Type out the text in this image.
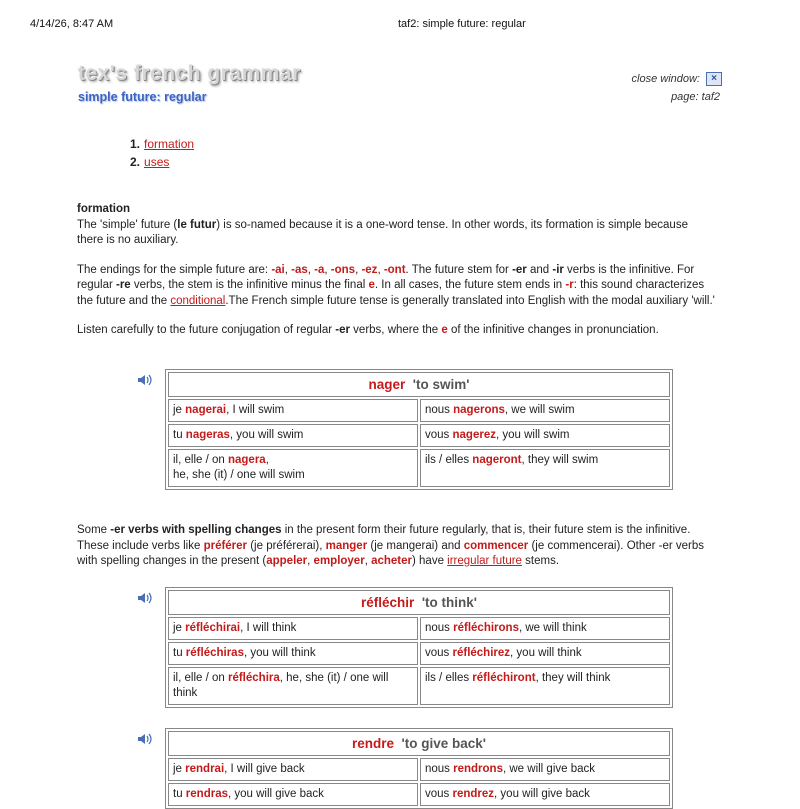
4/14/26, 8:47 AM	taf2: simple future: regular
tex's french grammar
simple future: regular
close window:	×
page: taf2
1. formation
2. uses

formation

The 'simple' future (le futur) is so-named because it is a one-word tense. In other words, its formation is simple because there is no auxiliary.

The endings for the simple future are: -ai, -as, -a, -ons, -ez, -ont. The future stem for -er and -ir verbs is the infinitive. For regular -re verbs, the stem is the infinitive minus the final e. In all cases, the future stem ends in -r: this sound characterizes the future and the conditional.The French simple future tense is generally translated into English with the modal auxiliary 'will.'

Listen carefully to the future conjugation of regular -er verbs, where the e of the infinitive changes in pronunciation.

nager 'to swim'	
je nagerai, I will swim	nous nagerons, we will swim
tu nageras, you will swim	vous nagerez, you will swim
il, elle / on nagera,
he, she (it) / one will swim	ils / elles nageront, they will swim

Some -er verbs with spelling changes in the present form their future regularly, that is, their future stem is the infinitive. These include verbs like préférer (je préférerai), manger (je mangerai) and commencer (je commencerai). Other -er verbs with spelling changes in the present (appeler, employer, acheter) have irregular future stems.

réfléchir 'to think'	
je réfléchirai, I will think	nous réfléchirons, we will think
tu réfléchiras, you will think	vous réfléchirez, you will think
il, elle / on réfléchira, he, she (it) / one will think	ils / elles réfléchiront, they will think
rendre 'to give back'	
je rendrai, I will give back	nous rendrons, we will give back
tu rendras, you will give back	vous rendrez, you will give back
